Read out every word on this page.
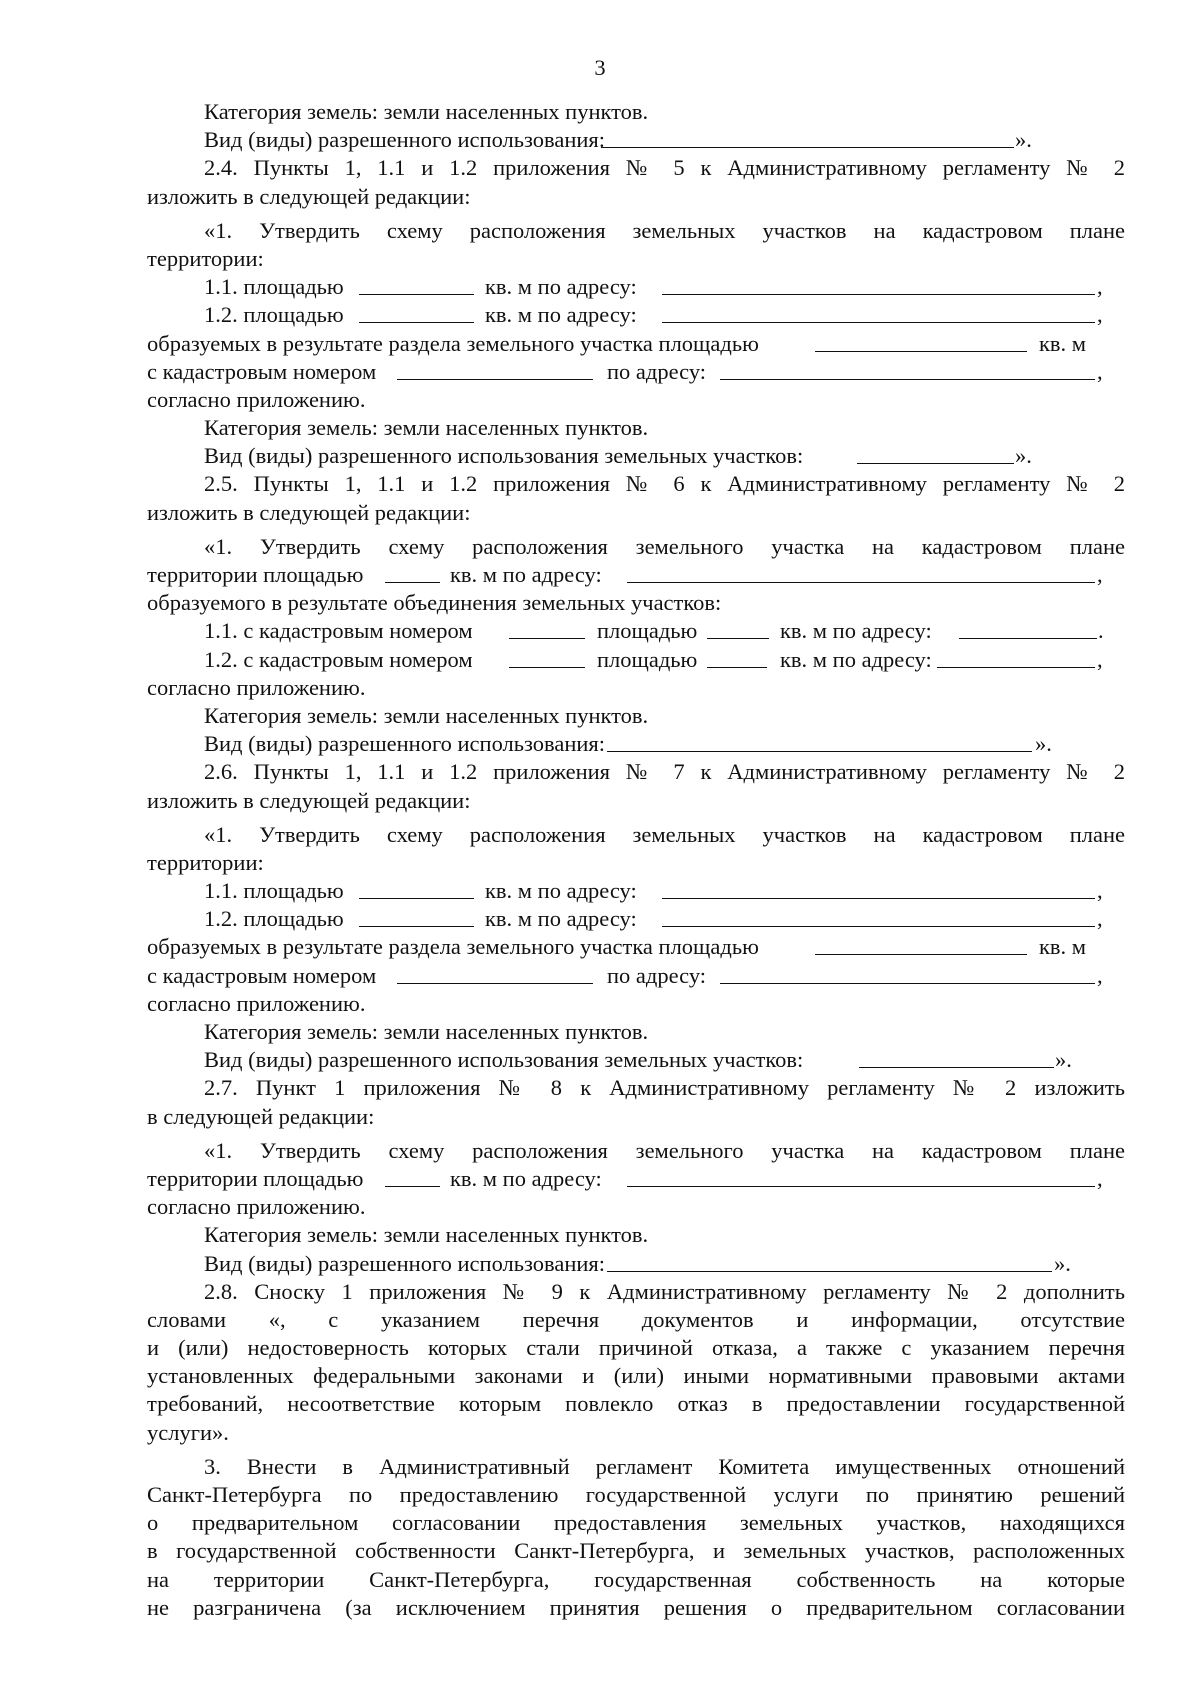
3
Категория земель: земли населенных пунктов.
Вид (виды) разрешенного использования:	».
2.4. Пункты 1, 1.1 и 1.2 приложения № 5 к Административному регламенту № 2
изложить в следующей редакции:
«1. Утвердить схему расположения земельных участков на кадастровом плане
территории:
1.1. площадью	кв. м по адресу:	,
1.2. площадью	кв. м по адресу:	,
образуемых в результате раздела земельного участка площадью	кв. м
с кадастровым номером	по адресу:	,
согласно приложению.
Категория земель: земли населенных пунктов.
Вид (виды) разрешенного использования земельных участков:	».
2.5. Пункты 1, 1.1 и 1.2 приложения № 6 к Административному регламенту № 2
изложить в следующей редакции:
«1. Утвердить схему расположения земельного участка на кадастровом плане
территории площадью	кв. м по адресу:	,
образуемого в результате объединения земельных участков:
1.1. с кадастровым номером	площадью	кв. м по адресу:	.
1.2. с кадастровым номером	площадью	кв. м по адресу:	,
согласно приложению.
Категория земель: земли населенных пунктов.
Вид (виды) разрешенного использования:	».
2.6. Пункты 1, 1.1 и 1.2 приложения № 7 к Административному регламенту № 2
изложить в следующей редакции:
«1. Утвердить схему расположения земельных участков на кадастровом плане
территории:
1.1. площадью	кв. м по адресу:	,
1.2. площадью	кв. м по адресу:	,
образуемых в результате раздела земельного участка площадью	кв. м
с кадастровым номером	по адресу:	,
согласно приложению.
Категория земель: земли населенных пунктов.
Вид (виды) разрешенного использования земельных участков:	».
2.7. Пункт 1 приложения № 8 к Административному регламенту № 2 изложить
в следующей редакции:
«1. Утвердить схему расположения земельного участка на кадастровом плане
территории площадью	кв. м по адресу:	,
согласно приложению.
Категория земель: земли населенных пунктов.
Вид (виды) разрешенного использования:	».
2.8. Сноску 1 приложения № 9 к Административному регламенту № 2 дополнить
словами «, с указанием перечня документов и информации, отсутствие
и (или) недостоверность которых стали причиной отказа, а также с указанием перечня
установленных федеральными законами и (или) иными нормативными правовыми актами
требований, несоответствие которым повлекло отказ в предоставлении государственной
услуги».
3. Внести в Административный регламент Комитета имущественных отношений
Санкт-Петербурга по предоставлению государственной услуги по принятию решений
о предварительном согласовании предоставления земельных участков, находящихся
в государственной собственности Санкт-Петербурга, и земельных участков, расположенных
на территории Санкт-Петербурга, государственная собственность на которые
не разграничена (за исключением принятия решения о предварительном согласовании
